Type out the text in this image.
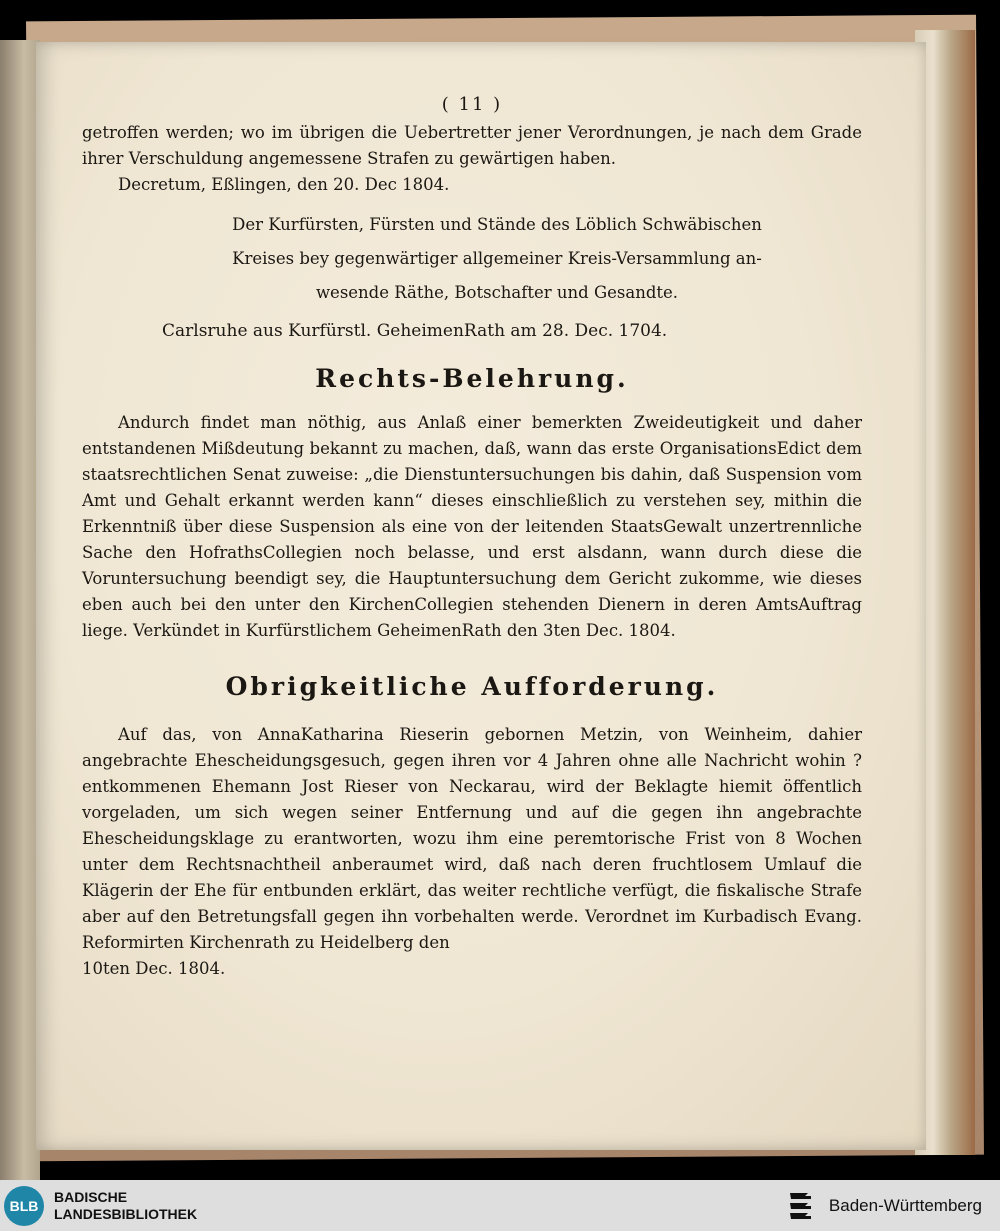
( 11 )

getroffen werden; wo im übrigen die Uebertretter jener Verordnungen, je nach dem Grade ihrer Verschuldung angemessene Strafen zu gewärtigen haben.

Decretum, Eßlingen, den 20. Dec 1804.

Der Kurfürsten, Fürsten und Stände des Löblich Schwäbischen
Kreises bey gegenwärtiger allgemeiner Kreis-Versammlung an-
wesende Räthe, Botschafter und Gesandte.

Carlsruhe aus Kurfürstl. GeheimenRath am 28. Dec. 1704.

Rechts-Belehrung.

Andurch findet man nöthig, aus Anlaß einer bemerkten Zweideutigkeit und daher entstandenen Mißdeutung bekannt zu machen, daß, wann das erste OrganisationsEdict dem staatsrechtlichen Senat zuweise: „die Dienstuntersuchungen bis dahin, daß Suspension vom Amt und Gehalt erkannt werden kann“ dieses einschließlich zu verstehen sey, mithin die Erkenntniß über diese Suspension als eine von der leitenden StaatsGewalt unzertrennliche Sache den HofrathsCollegien noch belasse, und erst alsdann, wann durch diese die Voruntersuchung beendigt sey, die Hauptuntersuchung dem Gericht zukomme, wie dieses eben auch bei den unter den KirchenCollegien stehenden Dienern in deren AmtsAuftrag liege. Verkündet in Kurfürstlichem GeheimenRath den 3ten Dec. 1804.

Obrigkeitliche Aufforderung.

Auf das, von AnnaKatharina Rieserin gebornen Metzin, von Weinheim, dahier angebrachte Ehescheidungsgesuch, gegen ihren vor 4 Jahren ohne alle Nachricht wohin ? entkommenen Ehemann Jost Rieser von Neckarau, wird der Beklagte hiemit öffentlich vorgeladen, um sich wegen seiner Entfernung und auf die gegen ihn angebrachte Ehescheidungsklage zu erantworten, wozu ihm eine peremtorische Frist von 8 Wochen unter dem Rechtsnachtheil anberaumet wird, daß nach deren fruchtlosem Umlauf die Klägerin der Ehe für entbunden erklärt, das weiter rechtliche verfügt, die fiskalische Strafe aber auf den Betretungsfall gegen ihn vorbehalten werde. Verordnet im Kurbadisch Evang. Reformirten Kirchenrath zu Heidelberg den

10ten Dec. 1804.

BLB
BADISCHE
LANDESBIBLIOTHEK	Baden-Württemberg
